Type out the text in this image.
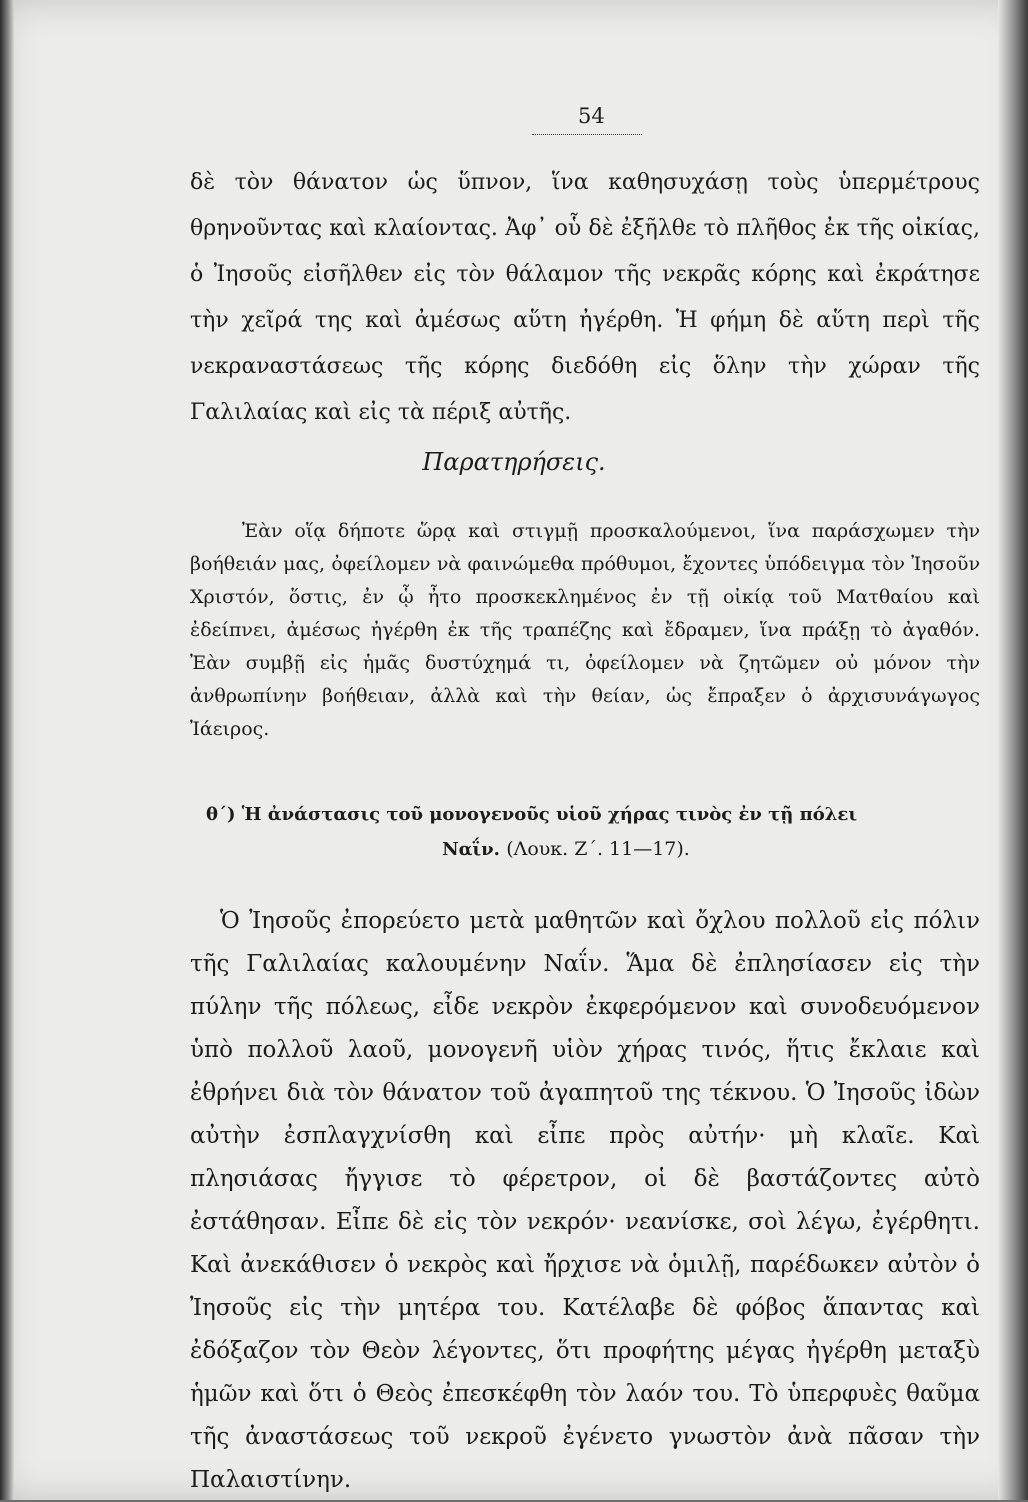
54
δὲ τὸν θάνατον ὡς ὕπνον, ἵνα καθησυχάσῃ τοὺς ὑπερμέτρους θρηνοῦντας καὶ κλαίοντας. Ἀφ᾽ οὗ δὲ ἐξῆλθε τὸ πλῆθος ἐκ τῆς οἰκίας, ὁ Ἰησοῦς εἰσῆλθεν εἰς τὸν θάλαμον τῆς νεκρᾶς κόρης καὶ ἐκράτησε τὴν χεῖρά της καὶ ἀμέσως αὕτη ἠγέρθη. Ἡ φήμη δὲ αὕτη περὶ τῆς νεκραναστάσεως τῆς κόρης διεδόθη εἰς ὅλην τὴν χώραν τῆς Γαλιλαίας καὶ εἰς τὰ πέριξ αὐτῆς.
Παρατηρήσεις.
Ἐὰν οἵᾳ δήποτε ὥρᾳ καὶ στιγμῇ προσκαλούμενοι, ἵνα παράσχωμεν τὴν βοήθειάν μας, ὀφείλομεν νὰ φαινώμεθα πρόθυμοι, ἔχοντες ὑπόδειγμα τὸν Ἰησοῦν Χριστόν, ὅστις, ἐν ᾧ ἦτο προσκεκλημένος ἐν τῇ οἰκίᾳ τοῦ Ματθαίου καὶ ἐδείπνει, ἀμέσως ἠγέρθη ἐκ τῆς τραπέζης καὶ ἔδραμεν, ἵνα πράξῃ τὸ ἀγαθόν. Ἐὰν συμβῇ εἰς ἡμᾶς δυστύχημά τι, ὀφείλομεν νὰ ζητῶμεν οὐ μόνον τὴν ἀνθρωπίνην βοήθειαν, ἀλλὰ καὶ τὴν θείαν, ὡς ἔπραξεν ὁ ἀρχισυνάγωγος Ἰάειρος.
θ΄) Ἡ ἀνάστασις τοῦ μονογενοῦς υἱοῦ χήρας τινὸς ἐν τῇ πόλει
Ναΐν. (Λουκ. Ζ΄. 11—17).
Ὁ Ἰησοῦς ἐπορεύετο μετὰ μαθητῶν καὶ ὄχλου πολλοῦ εἰς πόλιν τῆς Γαλιλαίας καλουμένην Ναΐν. Ἅμα δὲ ἐπλησίασεν εἰς τὴν πύλην τῆς πόλεως, εἶδε νεκρὸν ἐκφερόμενον καὶ συνοδευόμενον ὑπὸ πολλοῦ λαοῦ, μονογενῆ υἱὸν χήρας τινός, ἥτις ἔκλαιε καὶ ἐθρήνει διὰ τὸν θάνατον τοῦ ἀγαπητοῦ της τέκνου. Ὁ Ἰησοῦς ἰδὼν αὐτὴν ἐσπλαγχνίσθη καὶ εἶπε πρὸς αὐτήν· μὴ κλαῖε. Καὶ πλησιάσας ἤγγισε τὸ φέρετρον, οἱ δὲ βαστάζοντες αὐτὸ ἐστάθησαν. Εἶπε δὲ εἰς τὸν νεκρόν· νεανίσκε, σοὶ λέγω, ἐγέρθητι. Καὶ ἀνεκάθισεν ὁ νεκρὸς καὶ ἤρχισε νὰ ὁμιλῇ, παρέδωκεν αὐτὸν ὁ Ἰησοῦς εἰς τὴν μητέρα του. Κατέλαβε δὲ φόβος ἅπαντας καὶ ἐδόξαζον τὸν Θεὸν λέγοντες, ὅτι προφήτης μέγας ἠγέρθη μεταξὺ ἡμῶν καὶ ὅτι ὁ Θεὸς ἐπεσκέφθη τὸν λαόν του. Τὸ ὑπερφυὲς θαῦμα τῆς ἀναστάσεως τοῦ νεκροῦ ἐγένετο γνωστὸν ἀνὰ πᾶσαν τὴν Παλαιστίνην.
